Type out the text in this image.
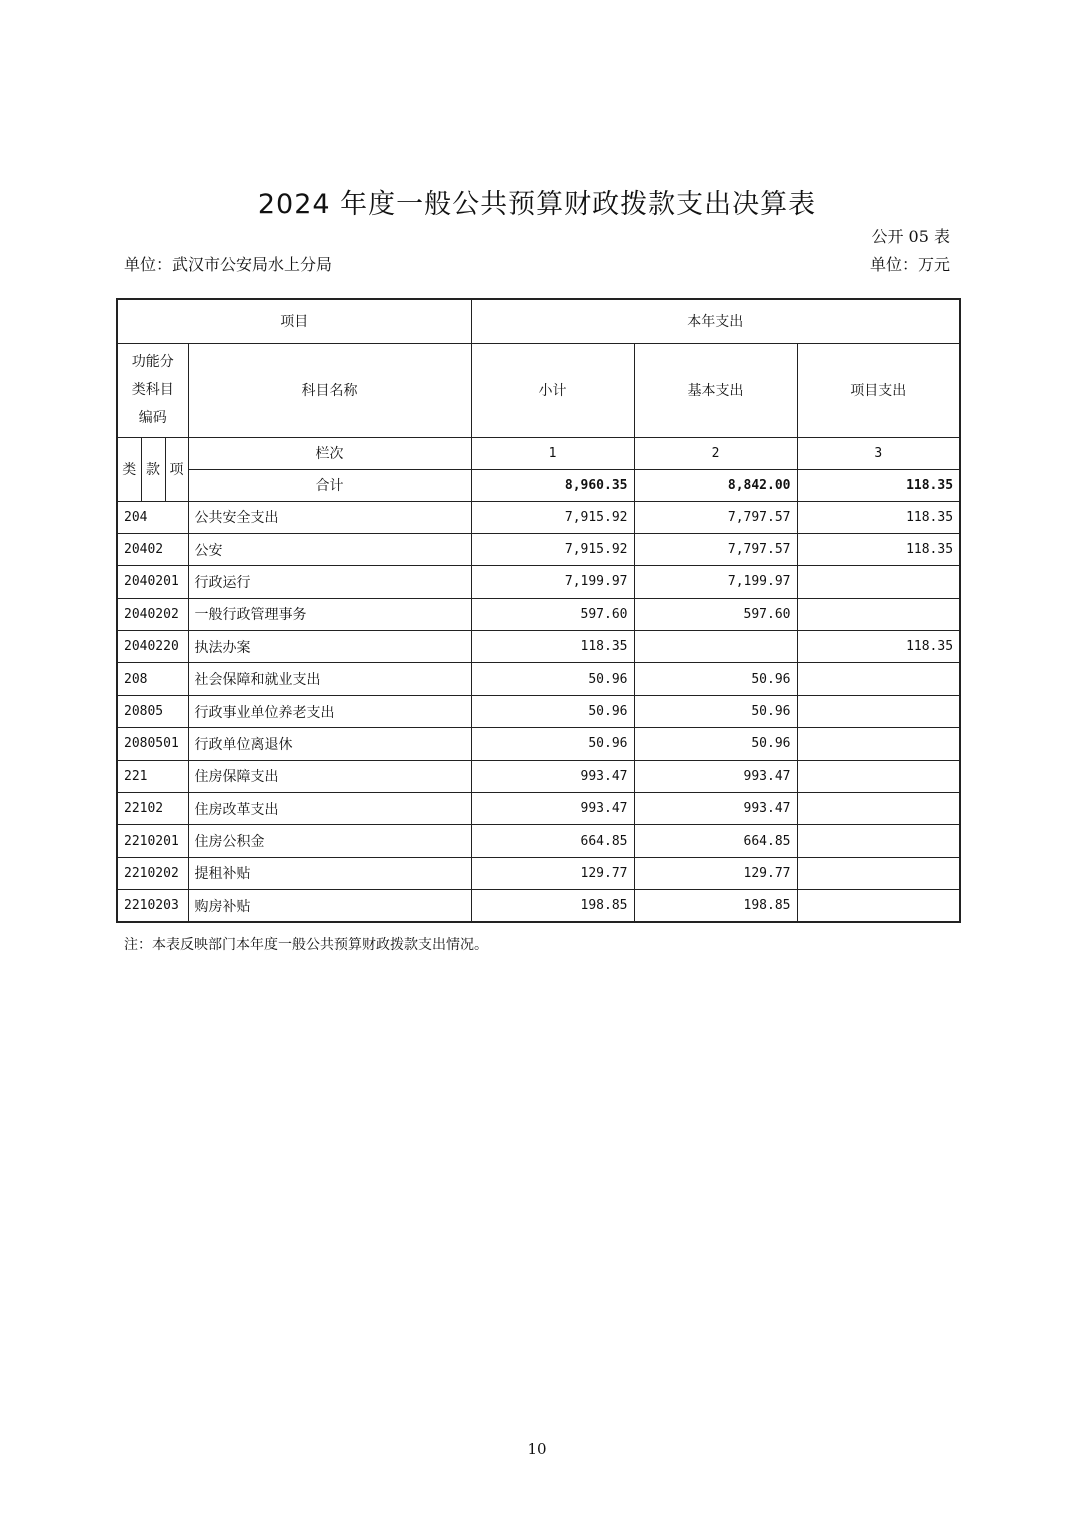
2024 年度一般公共预算财政拨款支出决算表
公开 05 表
单位：武汉市公安局水上分局	单位：万元
项目				本年支出		
功能分类科目编码			科目名称	小计	基本支出	项目支出
类	款	项	栏次	1	2	3
			合计	8,960.35	8,842.00	118.35
204			公共安全支出	7,915.92	7,797.57	118.35
20402			公安	7,915.92	7,797.57	118.35
2040201			行政运行	7,199.97	7,199.97	
2040202			一般行政管理事务	597.60	597.60	
2040220			执法办案	118.35		118.35
208			社会保障和就业支出	50.96	50.96	
20805			行政事业单位养老支出	50.96	50.96	
2080501			行政单位离退休	50.96	50.96	
221			住房保障支出	993.47	993.47	
22102			住房改革支出	993.47	993.47	
2210201			住房公积金	664.85	664.85	
2210202			提租补贴	129.77	129.77	
2210203			购房补贴	198.85	198.85	
注：本表反映部门本年度一般公共预算财政拨款支出情况。
10
